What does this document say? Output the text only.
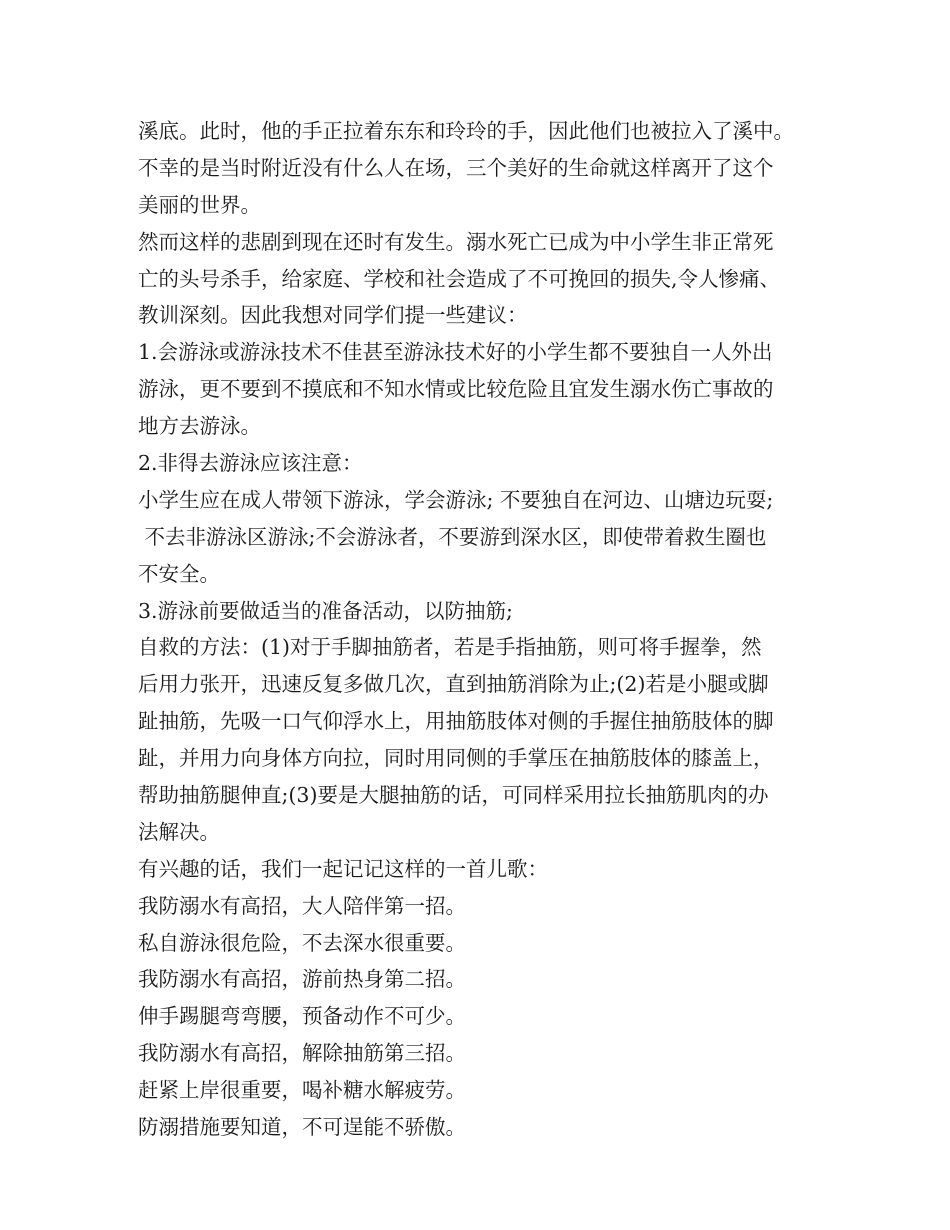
溪底。此时，他的手正拉着东东和玲玲的手，因此他们也被拉入了溪中。
不幸的是当时附近没有什么人在场，三个美好的生命就这样离开了这个
美丽的世界。
然而这样的悲剧到现在还时有发生。溺水死亡已成为中小学生非正常死
亡的头号杀手，给家庭、学校和社会造成了不可挽回的损失,令人惨痛、
教训深刻。因此我想对同学们提一些建议：
1.会游泳或游泳技术不佳甚至游泳技术好的小学生都不要独自一人外出
游泳，更不要到不摸底和不知水情或比较危险且宜发生溺水伤亡事故的
地方去游泳。
2.非得去游泳应该注意：
小学生应在成人带领下游泳，学会游泳; 不要独自在河边、山塘边玩耍;
不去非游泳区游泳;不会游泳者，不要游到深水区，即使带着救生圈也
不安全。
3.游泳前要做适当的准备活动，以防抽筋;
自救的方法：(1)对于手脚抽筋者，若是手指抽筋，则可将手握拳，然
后用力张开，迅速反复多做几次，直到抽筋消除为止;(2)若是小腿或脚
趾抽筋，先吸一口气仰浮水上，用抽筋肢体对侧的手握住抽筋肢体的脚
趾，并用力向身体方向拉，同时用同侧的手掌压在抽筋肢体的膝盖上，
帮助抽筋腿伸直;(3)要是大腿抽筋的话，可同样采用拉长抽筋肌肉的办
法解决。
有兴趣的话，我们一起记记这样的一首儿歌：
我防溺水有高招，大人陪伴第一招。
私自游泳很危险，不去深水很重要。
我防溺水有高招，游前热身第二招。
伸手踢腿弯弯腰，预备动作不可少。
我防溺水有高招，解除抽筋第三招。
赶紧上岸很重要，喝补糖水解疲劳。
防溺措施要知道，不可逞能不骄傲。
